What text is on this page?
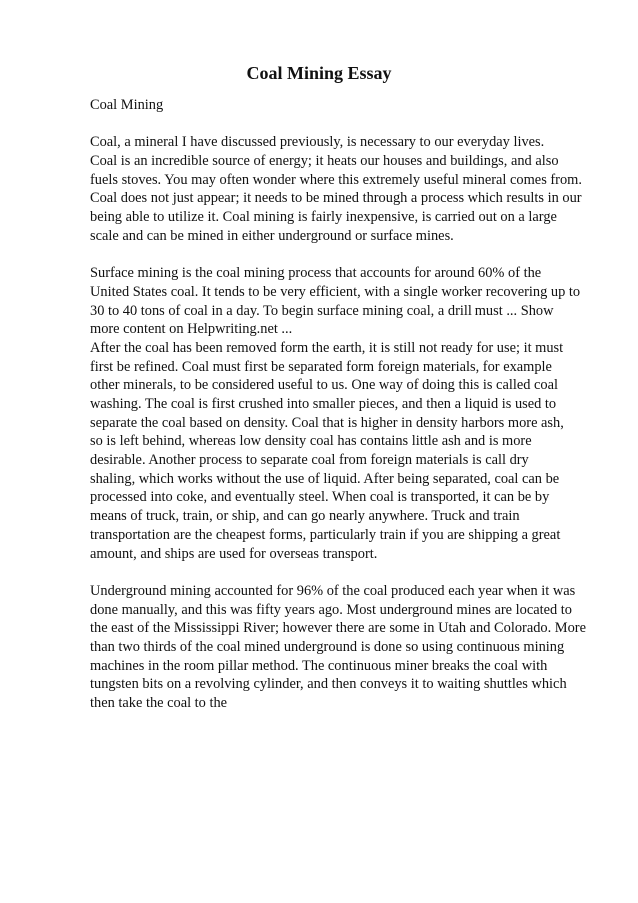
Coal Mining Essay
Coal Mining
Coal, a mineral I have discussed previously, is necessary to our everyday lives.
Coal is an incredible source of energy; it heats our houses and buildings, and also
fuels stoves. You may often wonder where this extremely useful mineral comes from.
Coal does not just appear; it needs to be mined through a process which results in our
being able to utilize it. Coal mining is fairly inexpensive, is carried out on a large
scale and can be mined in either underground or surface mines.
Surface mining is the coal mining process that accounts for around 60% of the
United States coal. It tends to be very efficient, with a single worker recovering up to
30 to 40 tons of coal in a day. To begin surface mining coal, a drill must ... Show
more content on Helpwriting.net ...
After the coal has been removed form the earth, it is still not ready for use; it must
first be refined. Coal must first be separated form foreign materials, for example
other minerals, to be considered useful to us. One way of doing this is called coal
washing. The coal is first crushed into smaller pieces, and then a liquid is used to
separate the coal based on density. Coal that is higher in density harbors more ash,
so is left behind, whereas low density coal has contains little ash and is more
desirable. Another process to separate coal from foreign materials is call dry
shaling, which works without the use of liquid. After being separated, coal can be
processed into coke, and eventually steel. When coal is transported, it can be by
means of truck, train, or ship, and can go nearly anywhere. Truck and train
transportation are the cheapest forms, particularly train if you are shipping a great
amount, and ships are used for overseas transport.
Underground mining accounted for 96% of the coal produced each year when it was
done manually, and this was fifty years ago. Most underground mines are located to
the east of the Mississippi River; however there are some in Utah and Colorado. More
than two thirds of the coal mined underground is done so using continuous mining
machines in the room pillar method. The continuous miner breaks the coal with
tungsten bits on a revolving cylinder, and then conveys it to waiting shuttles which
then take the coal to the
